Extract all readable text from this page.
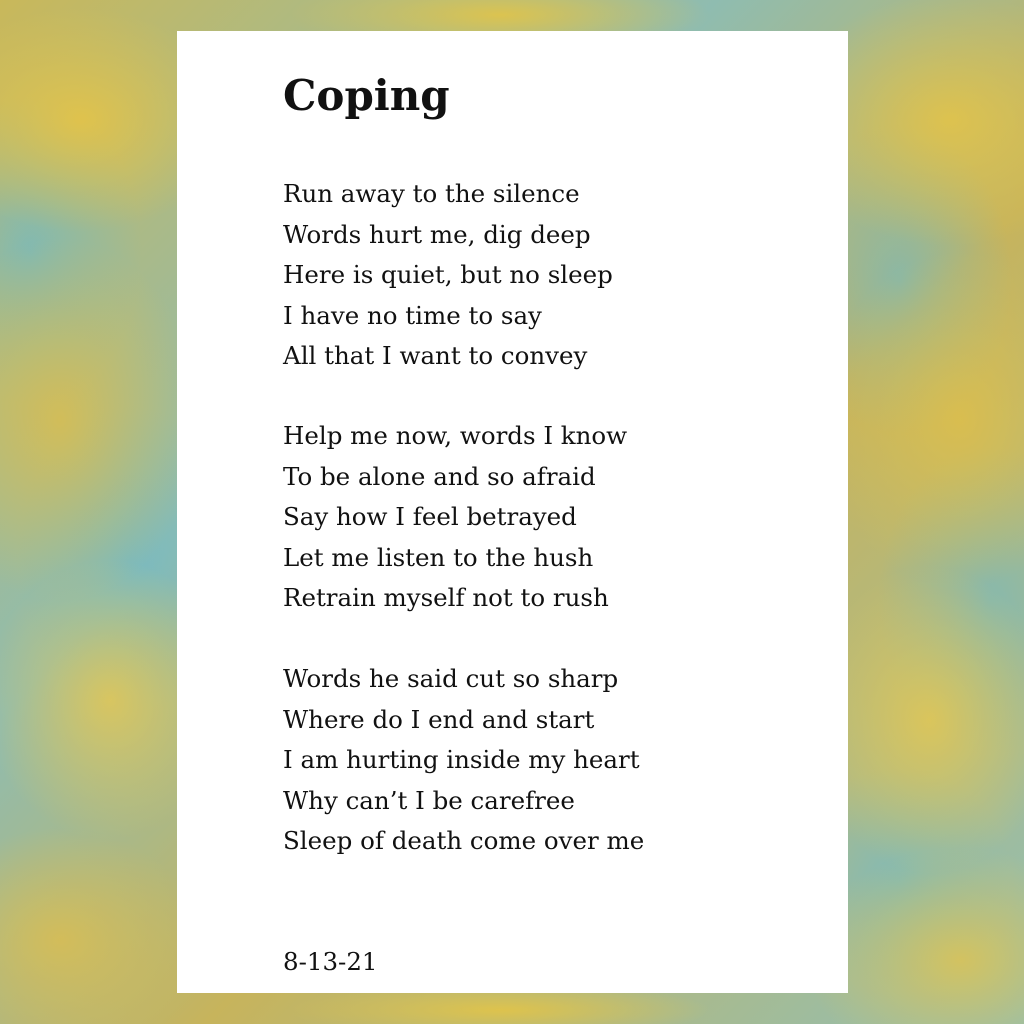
Coping
Run away to the silence
Words hurt me, dig deep
Here is quiet, but no sleep
I have no time to say
All that I want to convey
Help me now, words I know
To be alone and so afraid
Say how I feel betrayed
Let me listen to the hush
Retrain myself not to rush
Words he said cut so sharp
Where do I end and start
I am hurting inside my heart
Why can’t I be carefree
Sleep of death come over me

8-13-21
